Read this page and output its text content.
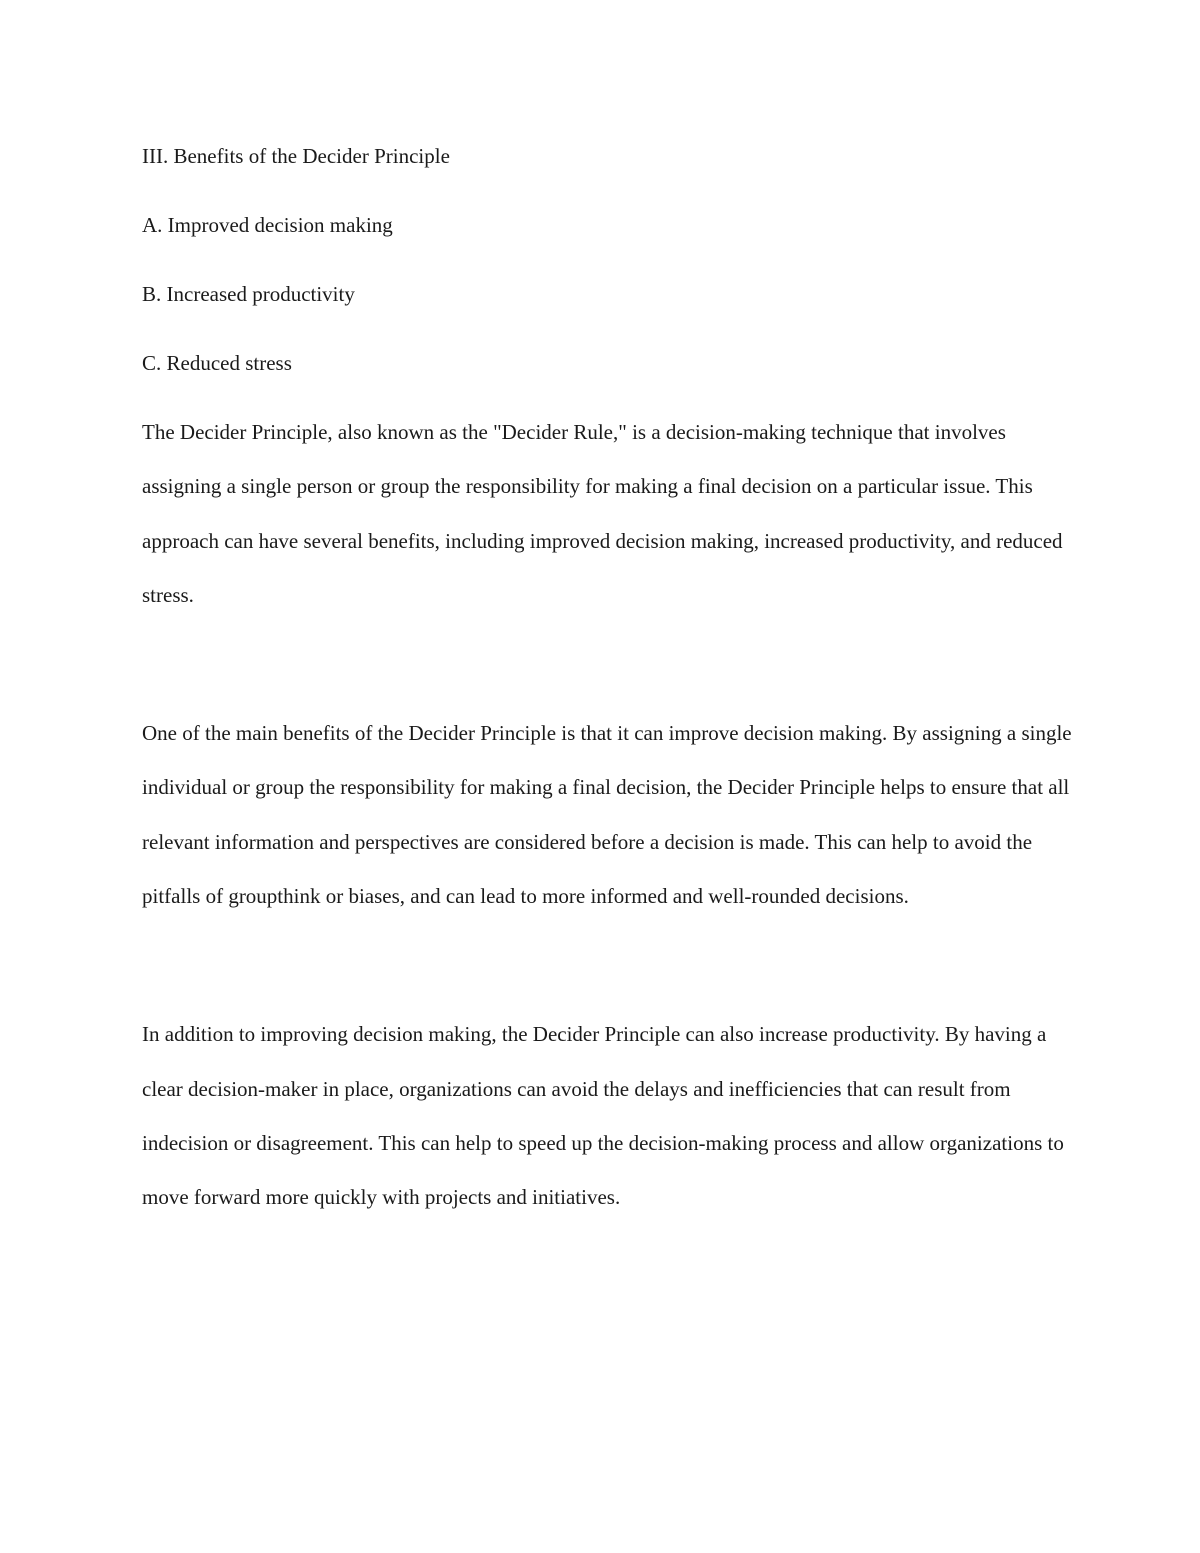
III. Benefits of the Decider Principle

A. Improved decision making

B. Increased productivity

C. Reduced stress

The Decider Principle, also known as the "Decider Rule," is a decision-making technique that involves assigning a single person or group the responsibility for making a final decision on a particular issue. This approach can have several benefits, including improved decision making, increased productivity, and reduced stress.

One of the main benefits of the Decider Principle is that it can improve decision making. By assigning a single individual or group the responsibility for making a final decision, the Decider Principle helps to ensure that all relevant information and perspectives are considered before a decision is made. This can help to avoid the pitfalls of groupthink or biases, and can lead to more informed and well-rounded decisions.

In addition to improving decision making, the Decider Principle can also increase productivity. By having a clear decision-maker in place, organizations can avoid the delays and inefficiencies that can result from indecision or disagreement. This can help to speed up the decision-making process and allow organizations to move forward more quickly with projects and initiatives.
